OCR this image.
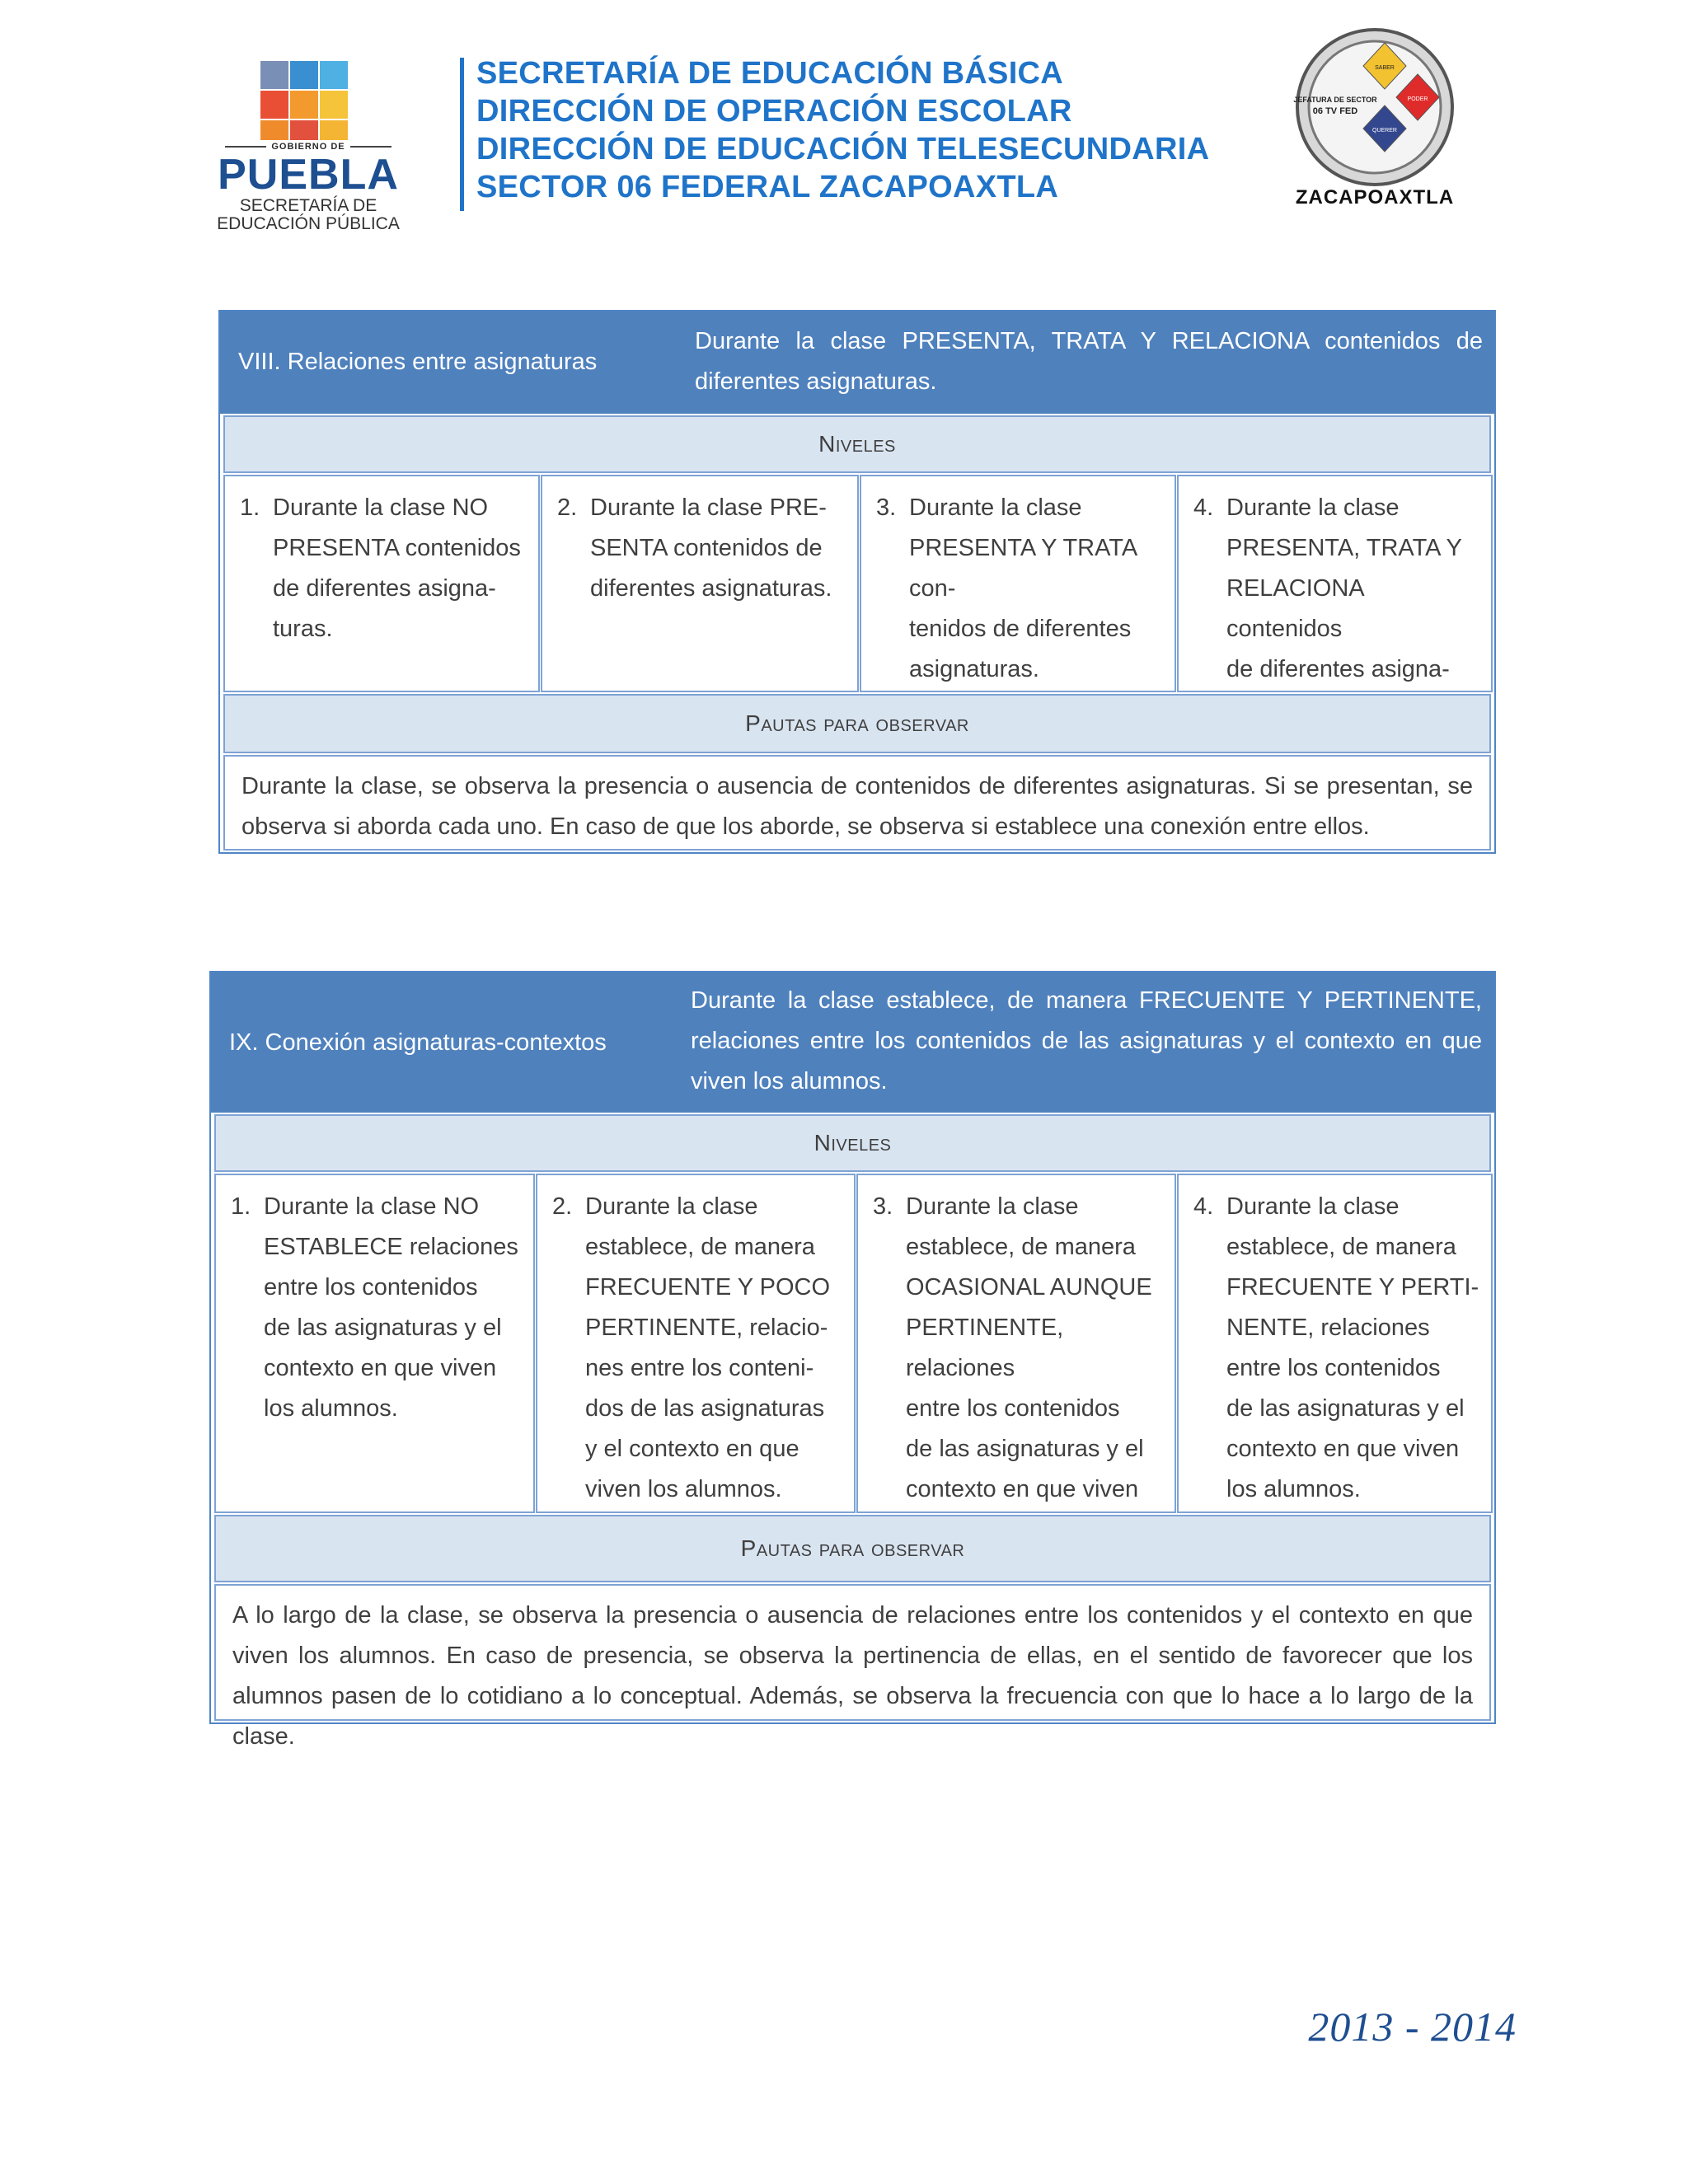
GOBIERNO DE
PUEBLA
SECRETARÍA DE
EDUCACIÓN PÚBLICA
SECRETARÍA DE EDUCACIÓN BÁSICA
DIRECCIÓN DE OPERACIÓN ESCOLAR
DIRECCIÓN DE EDUCACIÓN TELESECUNDARIA
SECTOR 06 FEDERAL ZACAPOAXTLA
SABER
PODER
QUERER
JEFATURA DE SECTOR
06 TV FED
ZACAPOAXTLA
VIII. Relaciones entre asignaturas
Durante la clase PRESENTA, TRATA Y RELACIONA contenidos de diferentes asignaturas.
Niveles
1. Durante la clase NO
PRESENTA contenidos
de diferentes asigna-
turas.
2. Durante la clase PRE-
SENTA contenidos de
diferentes asignaturas.
3. Durante la clase
PRESENTA Y TRATA con-
tenidos de diferentes
asignaturas.
4. Durante la clase
PRESENTA, TRATA Y
RELACIONA contenidos
de diferentes asigna-
Pautas para observar
Durante la clase, se observa la presencia o ausencia de contenidos de diferentes asignaturas. Si se presentan, se observa si aborda cada uno. En caso de que los aborde, se observa si establece una conexión entre ellos.
IX. Conexión asignaturas-contextos
Durante la clase establece, de manera FRECUENTE Y PERTINENTE, relaciones entre los contenidos de las asignaturas y el contexto en que viven los alumnos.
Niveles
1. Durante la clase NO
ESTABLECE relaciones
entre los contenidos
de las asignaturas y el
contexto en que viven
los alumnos.
2. Durante la clase
establece, de manera
FRECUENTE Y POCO
PERTINENTE, relacio-
nes entre los conteni-
dos de las asignaturas
y el contexto en que
viven los alumnos.
3. Durante la clase
establece, de manera
OCASIONAL AUNQUE
PERTINENTE, relaciones
entre los contenidos
de las asignaturas y el
contexto en que viven
4. Durante la clase
establece, de manera
FRECUENTE Y PERTI-
NENTE, relaciones
entre los contenidos
de las asignaturas y el
contexto en que viven
los alumnos.
Pautas para observar
A lo largo de la clase, se observa la presencia o ausencia de relaciones entre los contenidos y el contexto en que viven los alumnos. En caso de presencia, se observa la pertinencia de ellas, en el sentido de favorecer que los alumnos pasen de lo cotidiano a lo conceptual. Además, se observa la frecuencia con que lo hace a lo largo de la clase.
2013 - 2014
